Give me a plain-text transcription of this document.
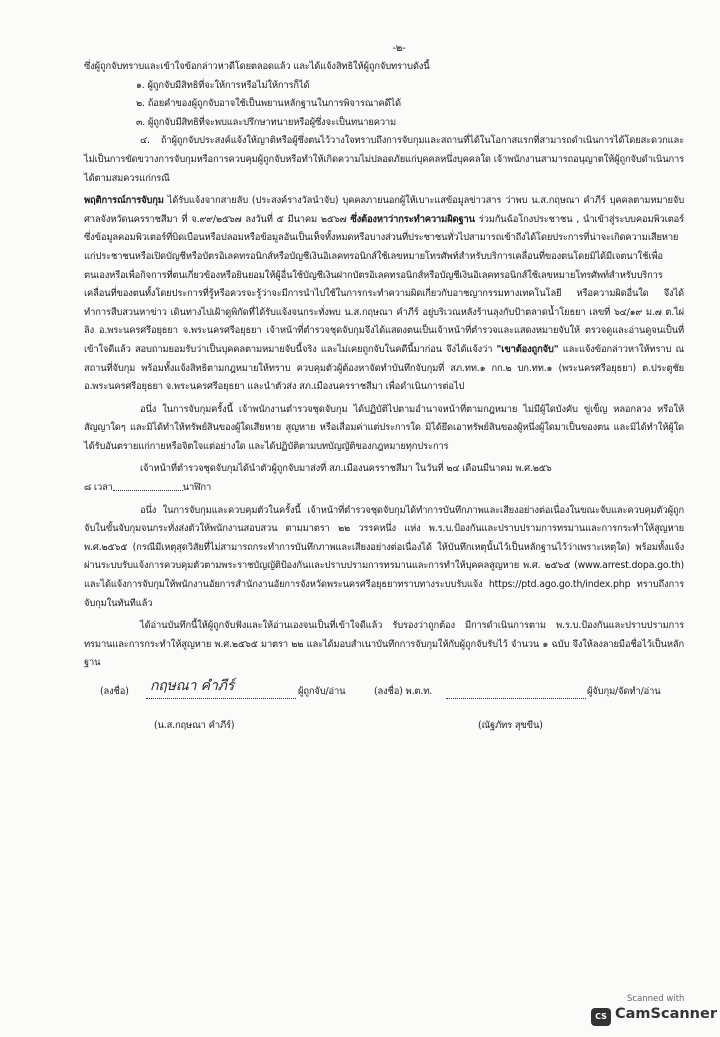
-๒-

ซึ่งผู้ถูกจับทราบและเข้าใจข้อกล่าวหาดีโดยตลอดแล้ว และได้แจ้งสิทธิให้ผู้ถูกจับทราบดังนี้

๑. ผู้ถูกจับมีสิทธิที่จะให้การหรือไม่ให้การก็ได้

๒. ถ้อยคำของผู้ถูกจับอาจใช้เป็นพยานหลักฐานในการพิจารณาคดีได้

๓. ผู้ถูกจับมีสิทธิที่จะพบและปรึกษาทนายหรือผู้ซึ่งจะเป็นทนายความ

๔. ถ้าผู้ถูกจับประสงค์แจ้งให้ญาติหรือผู้ซึ่งตนไว้วางใจทราบถึงการจับกุมและสถานที่ได้ในโอกาสแรกที่สามารถดำเนินการได้โดยสะดวกและไม่เป็นการขัดขวางการจับกุมหรือการควบคุมผู้ถูกจับหรือทำให้เกิดความไม่ปลอดภัยแก่บุคคลหนึ่งบุคคลใด เจ้าพนักงานสามารถอนุญาตให้ผู้ถูกจับดำเนินการได้ตามสมควรแก่กรณี

พฤติการณ์การจับกุม ได้รับแจ้งจากสายลับ (ประสงค์รางวัลนำจับ) บุคคลภายนอกผู้ให้เบาะแสข้อมูลข่าวสาร ว่าพบ น.ส.กฤษณา คำภีร์ บุคคลตามหมายจับศาลจังหวัดนครราชสีมา ที่ จ.๙๙/๒๕๖๗ ลงวันที่ ๕ มีนาคม ๒๕๖๗ ซึ่งต้องหาว่ากระทำความผิดฐาน ร่วมกันฉ้อโกงประชาชน , นำเข้าสู่ระบบคอมพิวเตอร์ซึ่งข้อมูลคอมพิวเตอร์ที่บิดเบือนหรือปลอมหรือข้อมูลอันเป็นเท็จทั้งหมดหรือบางส่วนที่ประชาชนทั่วไปสามารถเข้าถึงได้โดยประการที่น่าจะเกิดความเสียหายแก่ประชาชนหรือเปิดบัญชีหรือบัตรอิเลคทรอนิกส์หรือบัญชีเงินอิเลคทรอนิกส์ใช้เลขหมายโทรศัพท์สำหรับบริการเคลื่อนที่ของตนโดยมิได้มีเจตนาใช้เพื่อตนเองหรือเพื่อกิจการที่ตนเกี่ยวข้องหรือยินยอมให้ผู้อื่นใช้บัญชีเงินฝากบัตรอิเลคทรอนิกส์หรือบัญชีเงินอิเลคทรอนิกส์ใช้เลขหมายโทรศัพท์สำหรับบริการเคลื่อนที่ของตนทั้งโดยประการที่รู้หรือควรจะรู้ว่าจะมีการนำไปใช้ในการกระทำความผิดเกี่ยวกับอาชญากรรมทางเทคโนโลยี หรือความผิดอื่นใด จึงได้ทำการสืบสวนหาข่าว เดินทางไปเฝ้าดูพิกัดที่ได้รับแจ้งจนกระทั่งพบ น.ส.กฤษณา คำภีร์ อยู่บริเวณหลังร้านลุงกับป้าตลาดน้ำโยธยา เลขที่ ๖๔/๑๙ ม.๗ ต.ไผ่ลิง อ.พระนครศรีอยุธยา จ.พระนครศรีอยุธยา เจ้าหน้าที่ตำรวจชุดจับกุมจึงได้แสดงตนเป็นเจ้าหน้าที่ตำรวจและแสดงหมายจับให้ ตรวจดูและอ่านดูจนเป็นที่เข้าใจดีแล้ว สอบถามยอมรับว่าเป็นบุคคลตามหมายจับนี้จริง และไม่เคยถูกจับในคดีนี้มาก่อน จึงได้แจ้งว่า "เขาต้องถูกจับ" และแจ้งข้อกล่าวหาให้ทราบ ณ สถานที่จับกุม พร้อมทั้งแจ้งสิทธิตามกฎหมายให้ทราบ ควบคุมตัวผู้ต้องหาจัดทำบันทึกจับกุมที่ สภ.ทท.๑ กก.๒ บก.ทท.๑ (พระนครศรีอยุธยา) ต.ประตูชัย อ.พระนครศรีอยุธยา จ.พระนครศรีอยุธยา และนำตัวส่ง สภ.เมืองนครราชสีมา เพื่อดำเนินการต่อไป

อนึ่ง ในการจับกุมครั้งนี้ เจ้าพนักงานตำรวจชุดจับกุม ได้ปฏิบัติไปตามอำนาจหน้าที่ตามกฎหมาย ไม่มีผู้ใดบังคับ ขู่เข็ญ หลอกลวง หรือให้สัญญาใดๆ และมิได้ทำให้ทรัพย์สินของผู้ใดเสียหาย สูญหาย หรือเสื่อมค่าแต่ประการใด มิได้ยึดเอาทรัพย์สินของผู้หนึ่งผู้ใดมาเป็นของตน และมิได้ทำให้ผู้ใดได้รับอันตรายแก่กายหรือจิตใจแต่อย่างใด และได้ปฏิบัติตามบทบัญญัติของกฎหมายทุกประการ

เจ้าหน้าที่ตำรวจชุดจับกุมได้นำตัวผู้ถูกจับมาส่งที่ สภ.เมืองนครราชสีมา ในวันที่ ๒๔ เดือนมีนาคม พ.ศ.๒๕๖

๘ เวลา	นาฬิกา

อนึ่ง ในการจับกุมและควบคุมตัวในครั้งนี้ เจ้าหน้าที่ตำรวจชุดจับกุมได้ทำการบันทึกภาพและเสียงอย่างต่อเนื่องในขณะจับและควบคุมตัวผู้ถูกจับในขั้นจับกุมจนกระทั่งส่งตัวให้พนักงานสอบสวน ตามมาตรา ๒๒ วรรคหนึ่ง แห่ง พ.ร.บ.ป้องกันและปราบปรามการทรมานและการกระทำให้สูญหาย พ.ศ.๒๕๖๕ (กรณีมีเหตุสุดวิสัยที่ไม่สามารถกระทำการบันทึกภาพและเสียงอย่างต่อเนื่องได้ ให้บันทึกเหตุนั้นไว้เป็นหลักฐานไว้ว่าเพราะเหตุใด) พร้อมทั้งแจ้ง ผ่านระบบรับแจ้งการควบคุมตัวตามพระราชบัญญัติป้องกันและปราบปรามการทรมานและการทำให้บุคคลสูญหาย พ.ศ. ๒๕๖๕ (www.arrest.dopa.go.th) และได้แจ้งการจับกุมให้พนักงานอัยการสำนักงานอัยการจังหวัดพระนครศรีอยุธยาทราบทางระบบรับแจ้ง https://ptd.ago.go.th/index.php ทราบถึงการจับกุมในทันทีแล้ว

ได้อ่านบันทึกนี้ให้ผู้ถูกจับฟังและให้อ่านเองจนเป็นที่เข้าใจดีแล้ว รับรองว่าถูกต้อง มีการดำเนินการตาม พ.ร.บ.ป้องกันและปราบปรามการทรมานและการกระทำให้สูญหาย พ.ศ.๒๕๖๕ มาตรา ๒๒ และได้มอบสำเนาบันทึกการจับกุมให้กับผู้ถูกจับรับไว้ จำนวน ๑ ฉบับ จึงให้ลงลายมือชื่อไว้เป็นหลักฐาน

(ลงชื่อ) กฤษณา คำภีร์	ผู้ถูกจับ/อ่าน	(ลงชื่อ) พ.ต.ท.	ผู้จับกุม/จัดทำ/อ่าน
(น.ส.กฤษณา คำภีร์)	(ณัฐภัทร สุขขีน)
Scanned with
CS CamScanner
